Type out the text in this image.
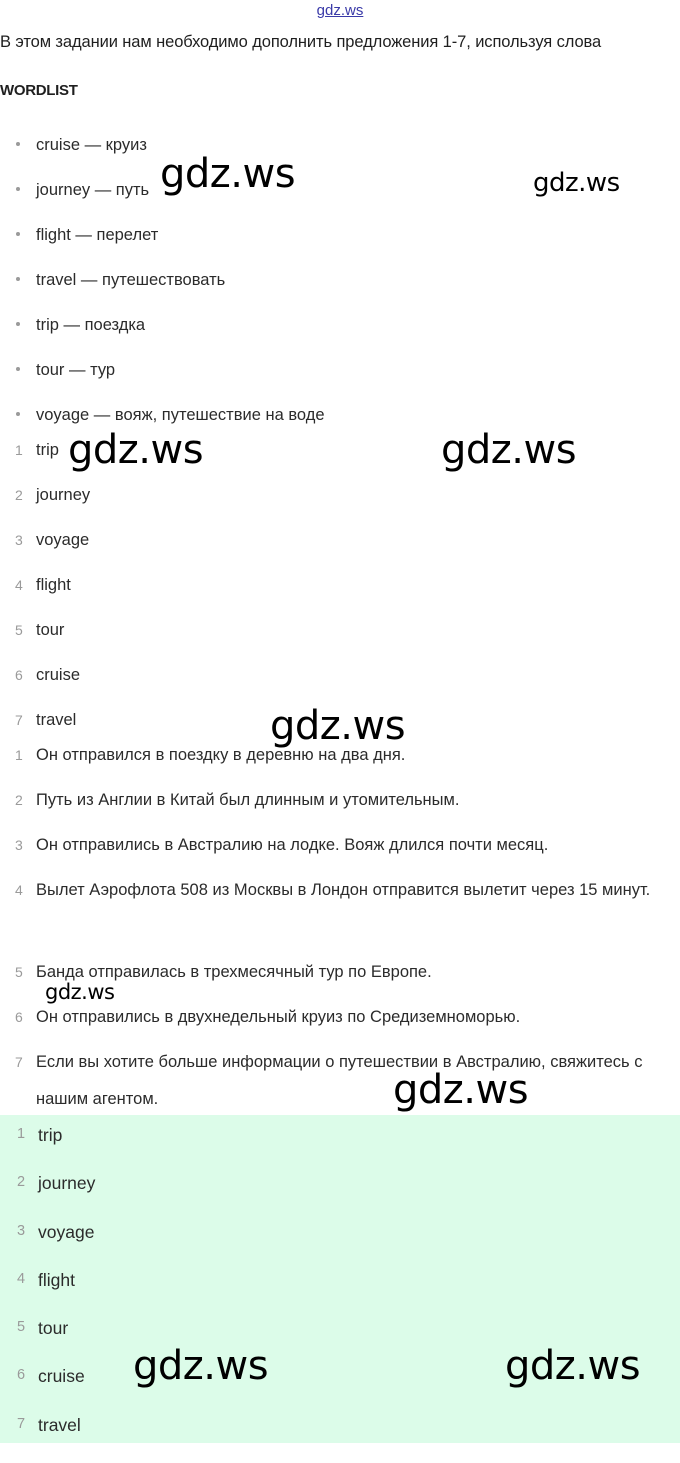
gdz.ws
В этом задании нам необходимо дополнить предложения 1-7, используя слова
WORDLIST
cruise — круиз
journey — путь
flight — перелет
travel — путешествовать
trip — поездка
tour — тур
voyage — вояж, путешествие на воде
1 trip
2 journey
3 voyage
4 flight
5 tour
6 cruise
7 travel
1 Он отправился в поездку в деревню на два дня.
2 Путь из Англии в Китай был длинным и утомительным.
3 Он отправились в Австралию на лодке. Вояж длился почти месяц.
4 Вылет Аэрофлота 508 из Москвы в Лондон отправится вылетит через 15 минут.
5 Банда отправилась в трехмесячный тур по Европе.
6 Он отправились в двухнедельный круиз по Средиземноморью.
7 Если вы хотите больше информации о путешествии в Австралию, свяжитесь с нашим агентом.
1 trip
2 journey
3 voyage
4 flight
5 tour
6 cruise
7 travel
gdz.ws	gdz.ws
gdz.ws	gdz.ws
gdz.ws
gdz.ws
gdz.ws
gdz.ws	gdz.ws
